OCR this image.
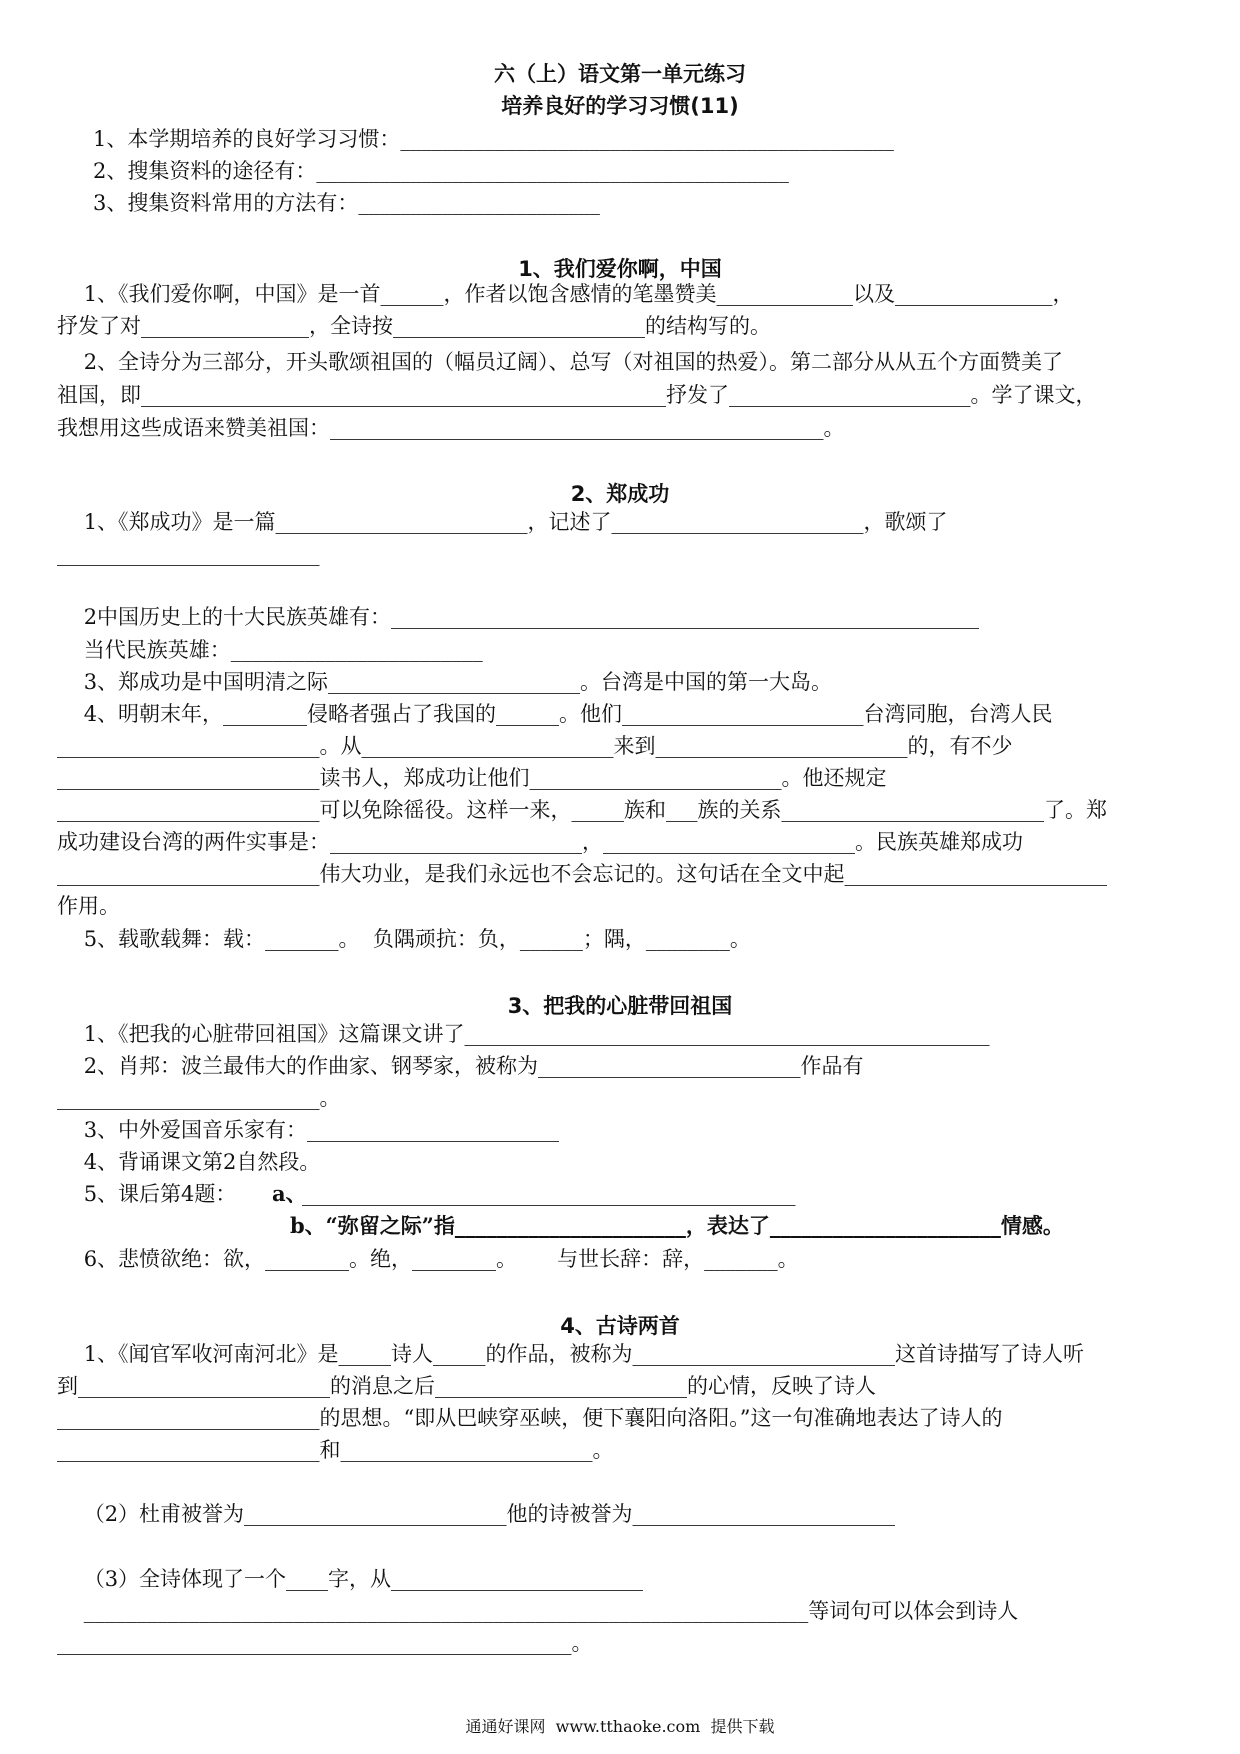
六（上）语文第一单元练习
培养良好的学习习惯(11)
1、本学期培养的良好学习习惯：_______________________________________________
2、搜集资料的途径有：_____________________________________________
3、搜集资料常用的方法有：_______________________
1、我们爱你啊，中国
1、《我们爱你啊，中国》是一首______，作者以饱含感情的笔墨赞美_____________以及_______________，
抒发了对________________，全诗按________________________的结构写的。
2、全诗分为三部分，开头歌颂祖国的（幅员辽阔）、总写（对祖国的热爱）。第二部分从从五个方面赞美了
祖国，即__________________________________________________抒发了_______________________。学了课文，
我想用这些成语来赞美祖国：_______________________________________________。
2、郑成功
1、《郑成功》是一篇________________________，记述了________________________，歌颂了
_________________________
2中国历史上的十大民族英雄有：________________________________________________________
当代民族英雄：________________________
3、郑成功是中国明清之际________________________。台湾是中国的第一大岛。
4、明朝末年，________侵略者强占了我国的______。他们_______________________台湾同胞，台湾人民
_________________________。从________________________来到________________________的，有不少
_________________________读书人，郑成功让他们________________________。他还规定
_________________________可以免除徭役。这样一来，_____族和___族的关系_________________________了。郑
成功建设台湾的两件实事是：________________________，________________________。民族英雄郑成功
_________________________伟大功业，是我们永远也不会忘记的。这句话在全文中起_________________________
作用。
5、载歌载舞：载：_______。  负隅顽抗：负，______；隅，________。
3、把我的心脏带回祖国
1、《把我的心脏带回祖国》这篇课文讲了__________________________________________________
2、肖邦：波兰最伟大的作曲家、钢琴家，被称为_________________________作品有
_________________________。
3、中外爱国音乐家有：________________________
4、背诵课文第2自然段。
5、课后第4题： a、
_______________________________________________
b、“弥留之际”指______________________，表达了______________________情感。
6、悲愤欲绝：欲，________。绝，________。      与世长辞：辞，_______。
4、古诗两首
1、《闻官军收河南河北》是_____诗人_____的作品，被称为_________________________这首诗描写了诗人听
到________________________的消息之后________________________的心情，反映了诗人
_________________________的思想。“即从巴峡穿巫峡，便下襄阳向洛阳。”这一句准确地表达了诗人的
_________________________和________________________。
（2）杜甫被誉为_________________________他的诗被誉为_________________________
（3）全诗体现了一个____字，从________________________
_____________________________________________________________________等词句可以体会到诗人
_________________________________________________。
通通好课网  www.tthaoke.com  提供下载
